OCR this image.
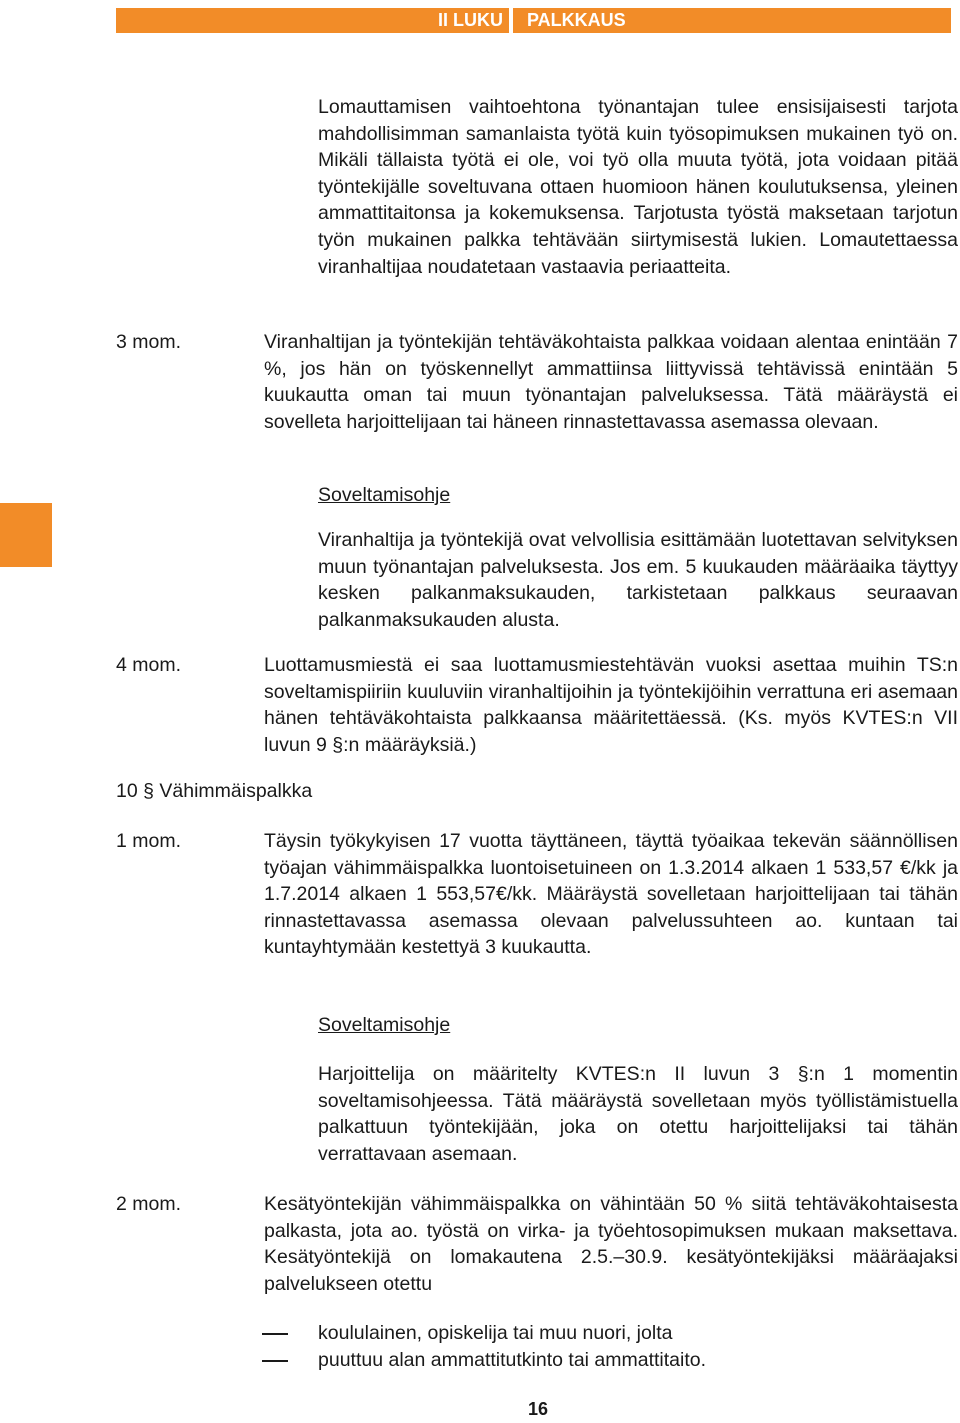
II LUKU	PALKKAUS

Lomauttamisen vaihtoehtona työnantajan tulee ensisijaisesti tarjota mahdollisimman samanlaista työtä kuin työsopimuksen mukainen työ on. Mikäli tällaista työtä ei ole, voi työ olla muuta työtä, jota voidaan pitää työntekijälle soveltuvana ottaen huomioon hänen koulutuksensa, yleinen ammattitaitonsa ja kokemuksensa. Tarjotusta työstä maksetaan tarjotun työn mukainen palkka tehtävään siirtymisestä lukien. Lomautettaessa viranhaltijaa noudatetaan vastaavia periaatteita.

3 mom.	Viranhaltijan ja työntekijän tehtäväkohtaista palkkaa voidaan alentaa enintään 7 %, jos hän on työskennellyt ammattiinsa liittyvissä tehtävissä enintään 5 kuukautta oman tai muun työnantajan palveluksessa. Tätä määräystä ei sovelleta harjoittelijaan tai häneen rinnastettavassa asemassa olevaan.

Soveltamisohje

Viranhaltija ja työntekijä ovat velvollisia esittämään luotettavan selvityksen muun työnantajan palveluksesta. Jos em. 5 kuukauden määräaika täyttyy kesken palkanmaksukauden, tarkistetaan palkkaus seuraavan palkanmaksukauden alusta.

4 mom.	Luottamusmiestä ei saa luottamusmiestehtävän vuoksi asettaa muihin TS:n soveltamispiiriin kuuluviin viranhaltijoihin ja työntekijöihin verrattuna eri asemaan hänen tehtäväkohtaista palkkaansa määritettäessä. (Ks. myös KVTES:n VII luvun 9 §:n määräyksiä.)

10 § Vähimmäispalkka
1 mom.	Täysin työkykyisen 17 vuotta täyttäneen, täyttä työaikaa tekevän säännöllisen työajan vähimmäispalkka luontoisetuineen on 1.3.2014 alkaen 1 533,57 €/kk ja 1.7.2014 alkaen 1 553,57€/kk. Määräystä sovelletaan harjoittelijaan tai tähän rinnastettavassa asemassa olevaan palvelussuhteen ao. kuntaan tai kuntayhtymään kestettyä 3 kuukautta.

Soveltamisohje

Harjoittelija on määritelty KVTES:n II luvun 3 §:n 1 momentin soveltamisohjeessa. Tätä määräystä sovelletaan myös työllistämistuella palkattuun työntekijään, joka on otettu harjoittelijaksi tai tähän verrattavaan asemaan.

2 mom.	Kesätyöntekijän vähimmäispalkka on vähintään 50 % siitä tehtäväkohtaisesta palkasta, jota ao. työstä on virka- ja työehtosopimuksen mukaan maksettava. Kesätyöntekijä on lomakautena 2.5.–30.9. kesätyöntekijäksi määräajaksi palvelukseen otettu

koululainen, opiskelija tai muu nuori, jolta
puuttuu alan ammattitutkinto tai ammattitaito.
16
